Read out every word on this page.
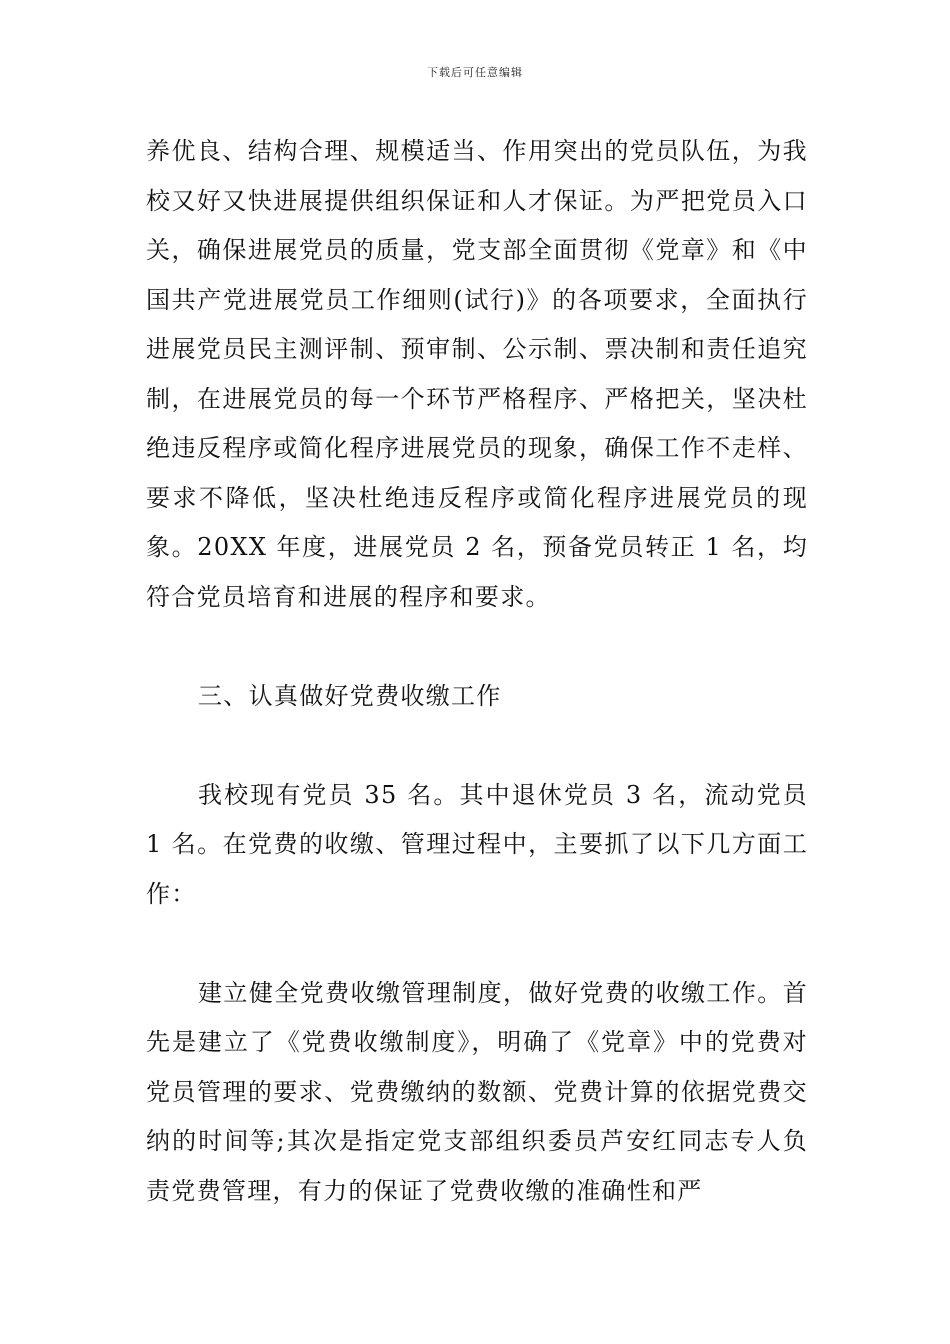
下载后可任意编辑

养优良、结构合理、规模适当、作用突出的党员队伍，为我校又好又快进展提供组织保证和人才保证。为严把党员入口关，确保进展党员的质量，党支部全面贯彻《党章》和《中国共产党进展党员工作细则(试行)》的各项要求，全面执行进展党员民主测评制、预审制、公示制、票决制和责任追究制，在进展党员的每一个环节严格程序、严格把关，坚决杜绝违反程序或简化程序进展党员的现象，确保工作不走样、要求不降低，坚决杜绝违反程序或简化程序进展党员的现象。20XX 年度，进展党员 2 名，预备党员转正 1 名，均符合党员培育和进展的程序和要求。

三、认真做好党费收缴工作

我校现有党员 35 名。其中退休党员 3 名，流动党员 1 名。在党费的收缴、管理过程中，主要抓了以下几方面工作：

建立健全党费收缴管理制度，做好党费的收缴工作。首先是建立了《党费收缴制度》，明确了《党章》中的党费对党员管理的要求、党费缴纳的数额、党费计算的依据党费交纳的时间等;其次是指定党支部组织委员芦安红同志专人负责党费管理，有力的保证了党费收缴的准确性和严
